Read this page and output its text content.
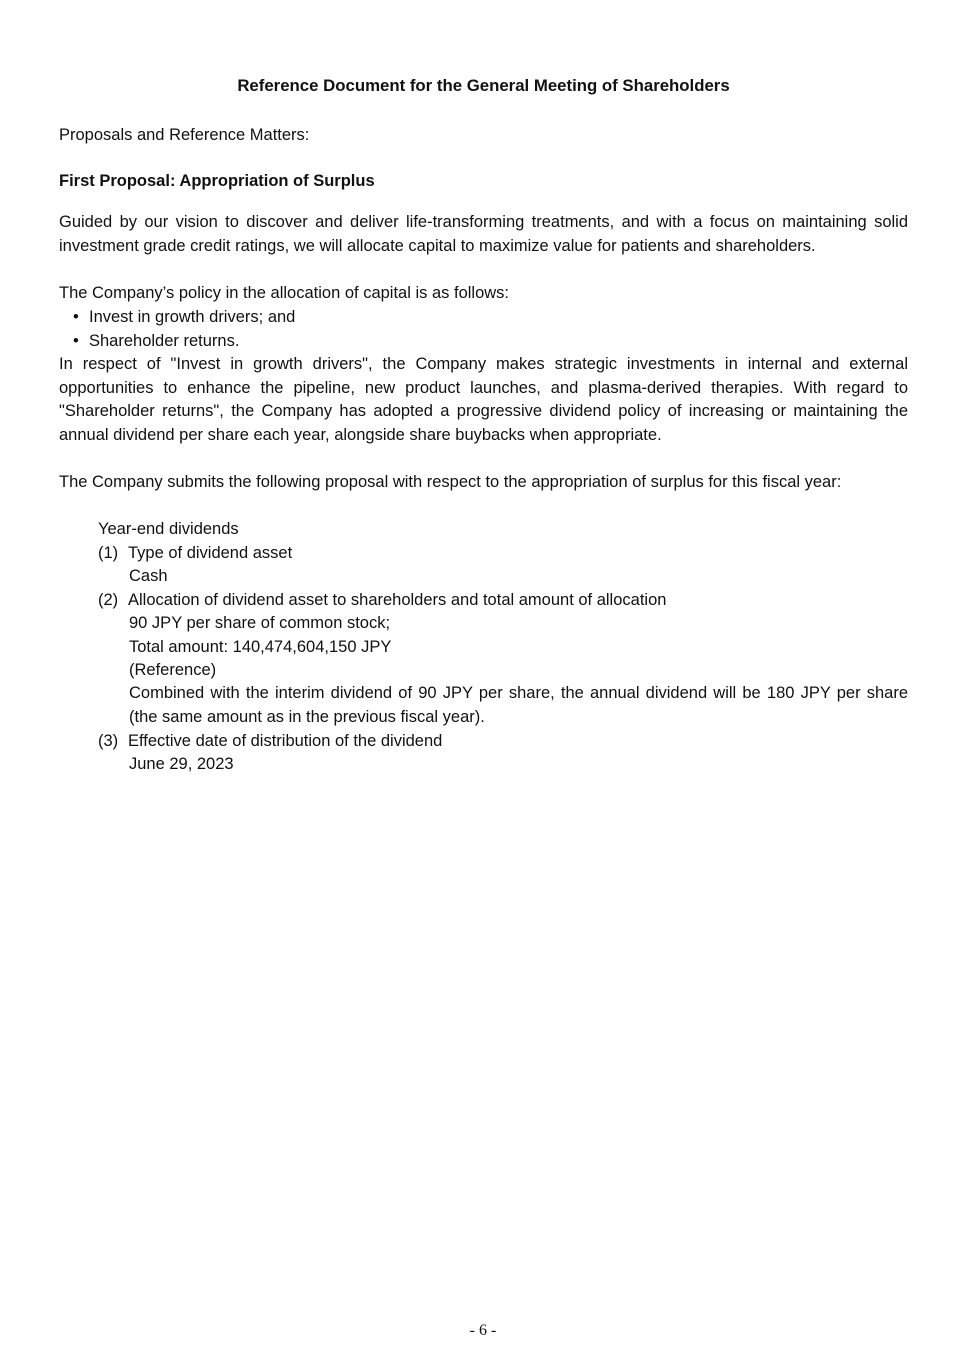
Reference Document for the General Meeting of Shareholders

Proposals and Reference Matters:

First Proposal: Appropriation of Surplus

Guided by our vision to discover and deliver life-transforming treatments, and with a focus on maintaining solid investment grade credit ratings, we will allocate capital to maximize value for patients and shareholders.

The Company’s policy in the allocation of capital is as follows:

• Invest in growth drivers; and

• Shareholder returns.

In respect of "Invest in growth drivers", the Company makes strategic investments in internal and external opportunities to enhance the pipeline, new product launches, and plasma-derived therapies. With regard to "Shareholder returns", the Company has adopted a progressive dividend policy of increasing or maintaining the annual dividend per share each year, alongside share buybacks when appropriate.

The Company submits the following proposal with respect to the appropriation of surplus for this fiscal year:

Year-end dividends

(1) Type of dividend asset

Cash

(2) Allocation of dividend asset to shareholders and total amount of allocation

90 JPY per share of common stock;

Total amount: 140,474,604,150 JPY

(Reference)

Combined with the interim dividend of 90 JPY per share, the annual dividend will be 180 JPY per share (the same amount as in the previous fiscal year).

(3) Effective date of distribution of the dividend

June 29, 2023

- 6 -
